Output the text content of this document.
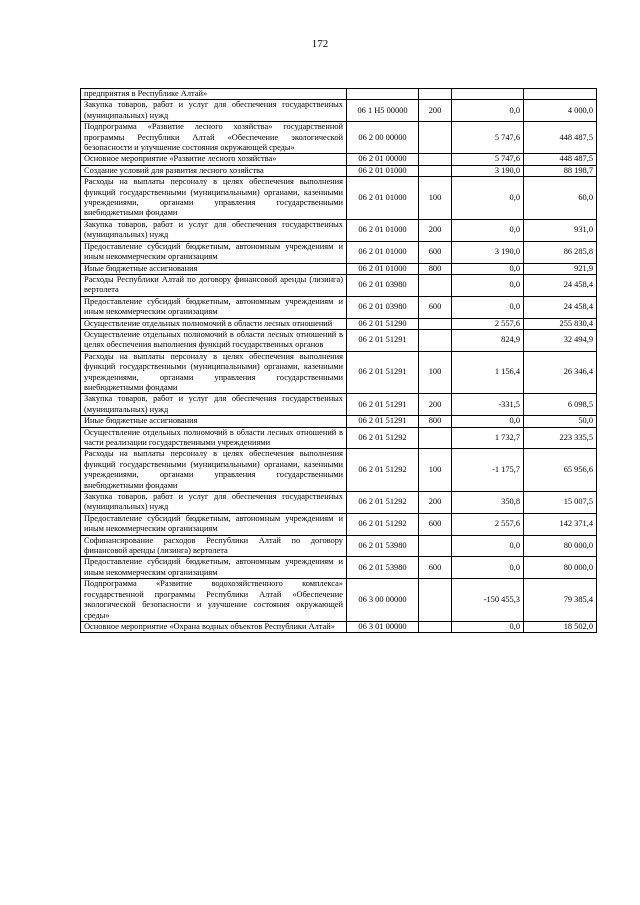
172
предприятия в Республике Алтай»				
Закупка товаров, работ и услуг для обеспечения государственных (муниципальных) нужд	06 1 Н5 00000	200	0,0	4 000,0
Подпрограмма «Развитие лесного хозяйства» государственной программы Республики Алтай «Обеспечение экологической безопасности и улучшение состояния окружающей среды»	06 2 00 00000		5 747,6	448 487,5
Основное мероприятие «Развитие лесного хозяйства»	06 2 01 00000		5 747,6	448 487,5
Создание условий для развития лесного хозяйства	06 2 01 01000		3 190,0	88 198,7
Расходы на выплаты персоналу в целях обеспечения выполнения функций государственными (муниципальными) органами, казенными учреждениями, органами управления государственными внебюджетными фондами	06 2 01 01000	100	0,0	60,0
Закупка товаров, работ и услуг для обеспечения государственных (муниципальных) нужд	06 2 01 01000	200	0,0	931,0
Предоставление субсидий бюджетным, автономным учреждениям и иным некоммерческим организациям	06 2 01 01000	600	3 190,0	86 285,8
Иные бюджетные ассигнования	06 2 01 01000	800	0,0	921,9
Расходы Республики Алтай по договору финансовой аренды (лизинга) вертолета	06 2 01 03980		0,0	24 458,4
Предоставление субсидий бюджетным, автономным учреждениям и иным некоммерческим организациям	06 2 01 03980	600	0,0	24 458,4
Осуществление отдельных полномочий в области лесных отношений	06 2 01 51290		2 557,6	255 830,4
Осуществление отдельных полномочий в области лесных отношений в целях обеспечения выполнения функций государственных органов	06 2 01 51291		824,9	32 494,9
Расходы на выплаты персоналу в целях обеспечения выполнения функций государственными (муниципальными) органами, казенными учреждениями, органами управления государственными внебюджетными фондами	06 2 01 51291	100	1 156,4	26 346,4
Закупка товаров, работ и услуг для обеспечения государственных (муниципальных) нужд	06 2 01 51291	200	-331,5	6 098,5
Иные бюджетные ассигнования	06 2 01 51291	800	0,0	50,0
Осуществление отдельных полномочий в области лесных отношений в части реализации государственными учреждениями	06 2 01 51292		1 732,7	223 335,5
Расходы на выплаты персоналу в целях обеспечения выполнения функций государственными (муниципальными) органами, казенными учреждениями, органами управления государственными внебюджетными фондами	06 2 01 51292	100	-1 175,7	65 956,6
Закупка товаров, работ и услуг для обеспечения государственных (муниципальных) нужд	06 2 01 51292	200	350,8	15 007,5
Предоставление субсидий бюджетным, автономным учреждениям и иным некоммерческим организациям	06 2 01 51292	600	2 557,6	142 371,4
Софинансирование расходов Республики Алтай по договору финансовой аренды (лизинга) вертолета	06 2 01 53980		0,0	80 000,0
Предоставление субсидий бюджетным, автономным учреждениям и иным некоммерческим организациям	06 2 01 53980	600	0,0	80 000,0
Подпрограмма «Развитие водохозяйственного комплекса» государственной программы Республики Алтай «Обеспечение экологической безопасности и улучшение состояния окружающей среды»	06 3 00 00000		-150 455,3	79 385,4
Основное мероприятие «Охрана водных объектов Республики Алтай»	06 3 01 00000		0,0	18 502,0
